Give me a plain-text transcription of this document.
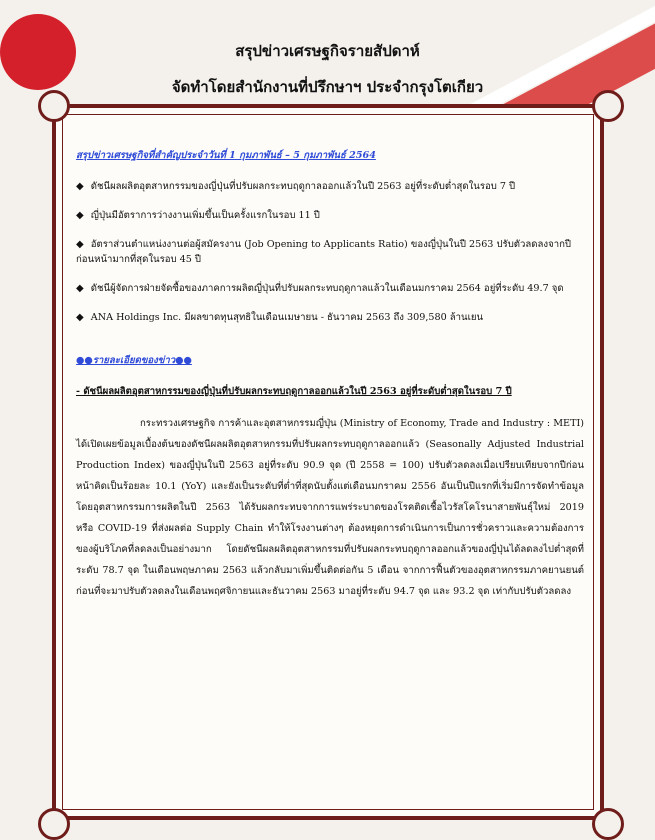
สรุปข่าวเศรษฐกิจรายสัปดาห์
จัดทำโดยสำนักงานที่ปรึกษาฯ ประจำกรุงโตเกียว
สรุปข่าวเศรษฐกิจที่สำคัญประจำวันที่ 1 กุมภาพันธ์ – 5 กุมภาพันธ์ 2564
◆ ดัชนีผลผลิตอุตสาหกรรมของญี่ปุ่นที่ปรับผลกระทบฤดูกาลออกแล้วในปี 2563 อยู่ที่ระดับต่ำสุดในรอบ 7 ปี
◆ ญี่ปุ่นมีอัตราการว่างงานเพิ่มขึ้นเป็นครั้งแรกในรอบ 11 ปี
◆ อัตราส่วนตำแหน่งงานต่อผู้สมัครงาน (Job Opening to Applicants Ratio) ของญี่ปุ่นในปี 2563 ปรับตัวลดลงจากปีก่อนหน้ามากที่สุดในรอบ 45 ปี
◆ ดัชนีผู้จัดการฝ่ายจัดซื้อของภาคการผลิตญี่ปุ่นที่ปรับผลกระทบฤดูกาลแล้วในเดือนมกราคม 2564 อยู่ที่ระดับ 49.7 จุด
◆ ANA Holdings Inc. มีผลขาดทุนสุทธิในเดือนเมษายน - ธันวาคม 2563 ถึง 309,580 ล้านเยน
●●รายละเอียดของข่าว●●
- ดัชนีผลผลิตอุตสาหกรรมของญี่ปุ่นที่ปรับผลกระทบฤดูกาลออกแล้วในปี 2563 อยู่ที่ระดับต่ำสุดในรอบ 7 ปี
กระทรวงเศรษฐกิจ การค้าและอุตสาหกรรมญี่ปุ่น (Ministry of Economy, Trade and Industry : METI) ได้เปิดเผยข้อมูลเบื้องต้นของดัชนีผลผลิตอุตสาหกรรมที่ปรับผลกระทบฤดูกาลออกแล้ว (Seasonally Adjusted Industrial Production Index) ของญี่ปุ่นในปี 2563 อยู่ที่ระดับ 90.9 จุด (ปี 2558 = 100) ปรับตัวลดลงเมื่อเปรียบเทียบจากปีก่อนหน้าคิดเป็นร้อยละ 10.1 (YoY) และยังเป็นระดับที่ต่ำที่สุดนับตั้งแต่เดือนมกราคม 2556 อันเป็นปีแรกที่เริ่มมีการจัดทำข้อมูล โดยอุตสาหกรรมการผลิตในปี 2563 ได้รับผลกระทบจากการแพร่ระบาดของโรคติดเชื้อไวรัสโคโรนาสายพันธุ์ใหม่ 2019 หรือ COVID-19 ที่ส่งผลต่อ Supply Chain ทำให้โรงงานต่างๆ ต้องหยุดการดำเนินการเป็นการชั่วคราวและความต้องการของผู้บริโภคที่ลดลงเป็นอย่างมาก โดยดัชนีผลผลิตอุตสาหกรรมที่ปรับผลกระทบฤดูกาลออกแล้วของญี่ปุ่นได้ลดลงไปต่ำสุดที่ระดับ 78.7 จุด ในเดือนพฤษภาคม 2563 แล้วกลับมาเพิ่มขึ้นติดต่อกัน 5 เดือน จากการฟื้นตัวของอุตสาหกรรมภาคยานยนต์ก่อนที่จะมาปรับตัวลดลงในเดือนพฤศจิกายนและธันวาคม 2563 มาอยู่ที่ระดับ 94.7 จุด และ 93.2 จุด เท่ากับปรับตัวลดลง
